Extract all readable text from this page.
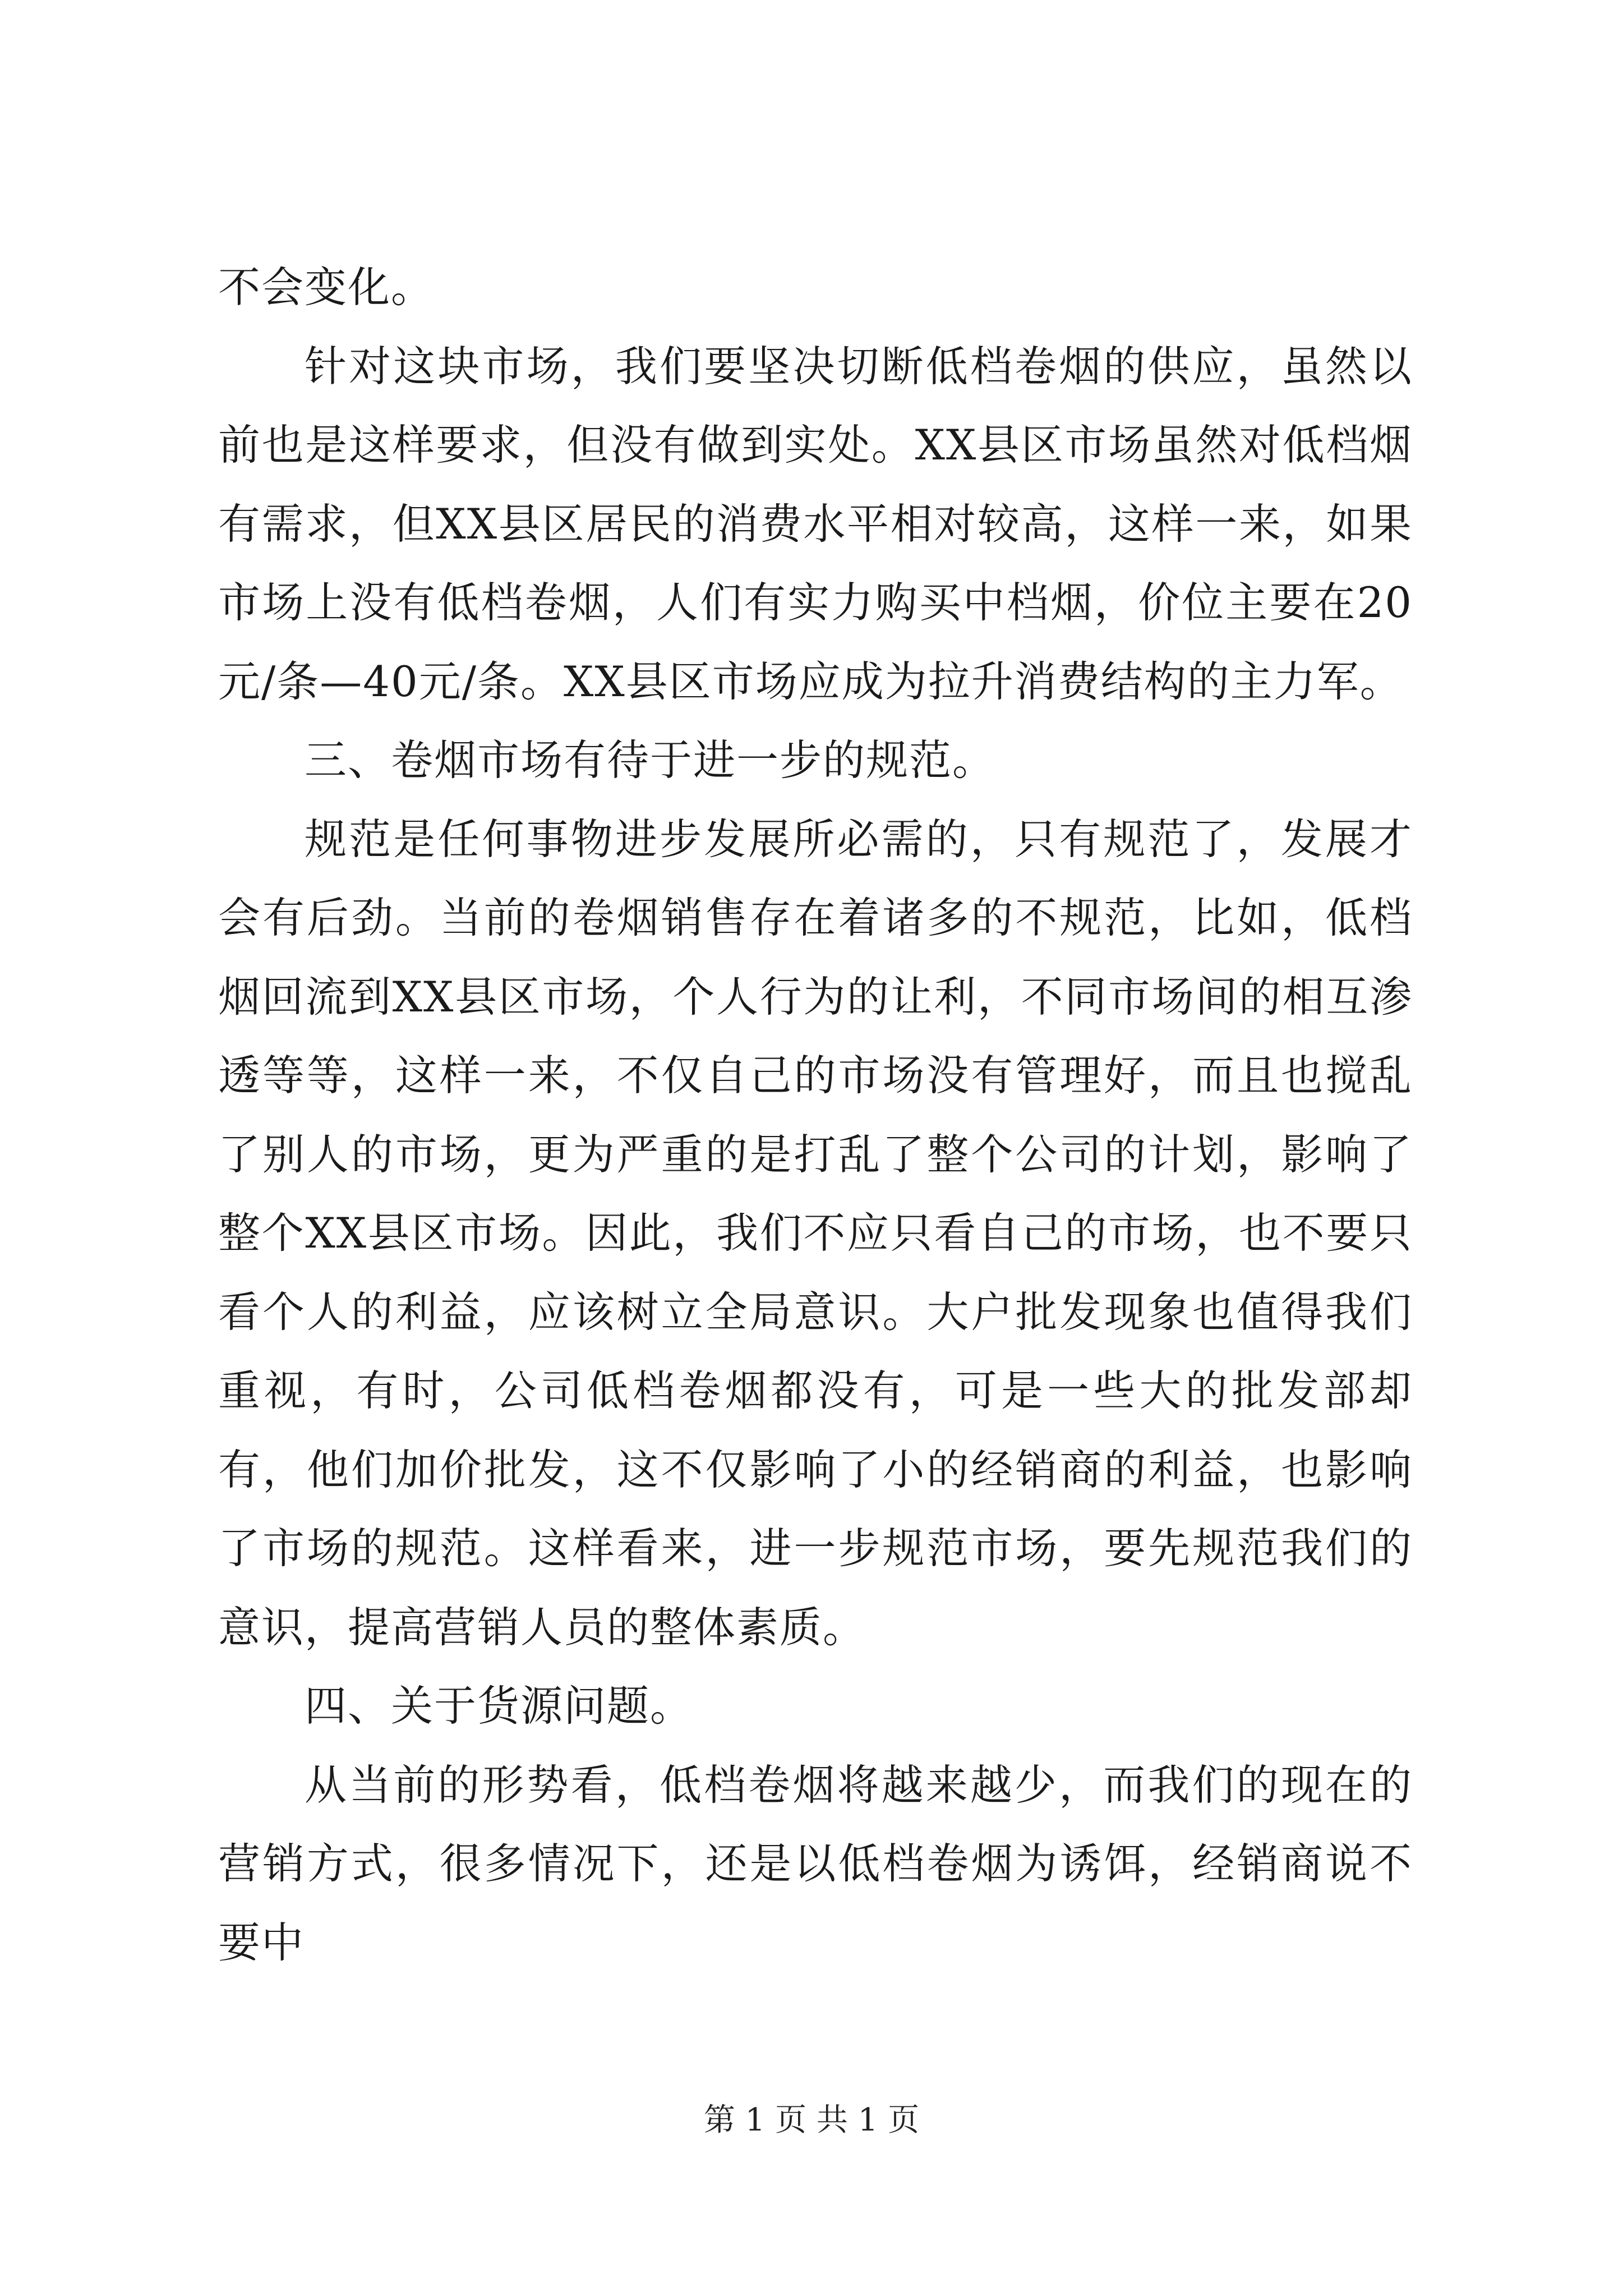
不会变化。

针对这块市场，我们要坚决切断低档卷烟的供应，虽然以前也是这样要求，但没有做到实处。XX县区市场虽然对低档烟有需求，但XX县区居民的消费水平相对较高，这样一来，如果市场上没有低档卷烟，人们有实力购买中档烟，价位主要在20元/条—40元/条。XX县区市场应成为拉升消费结构的主力军。

三、卷烟市场有待于进一步的规范。

规范是任何事物进步发展所必需的，只有规范了，发展才会有后劲。当前的卷烟销售存在着诸多的不规范，比如，低档烟回流到XX县区市场，个人行为的让利，不同市场间的相互渗透等等，这样一来，不仅自己的市场没有管理好，而且也搅乱了别人的市场，更为严重的是打乱了整个公司的计划，影响了整个XX县区市场。因此，我们不应只看自己的市场，也不要只看个人的利益，应该树立全局意识。大户批发现象也值得我们重视，有时，公司低档卷烟都没有，可是一些大的批发部却有，他们加价批发，这不仅影响了小的经销商的利益，也影响了市场的规范。这样看来，进一步规范市场，要先规范我们的意识，提高营销人员的整体素质。

四、关于货源问题。

从当前的形势看，低档卷烟将越来越少，而我们的现在的营销方式，很多情况下，还是以低档卷烟为诱饵，经销商说不要中

第 1 页 共 1 页
